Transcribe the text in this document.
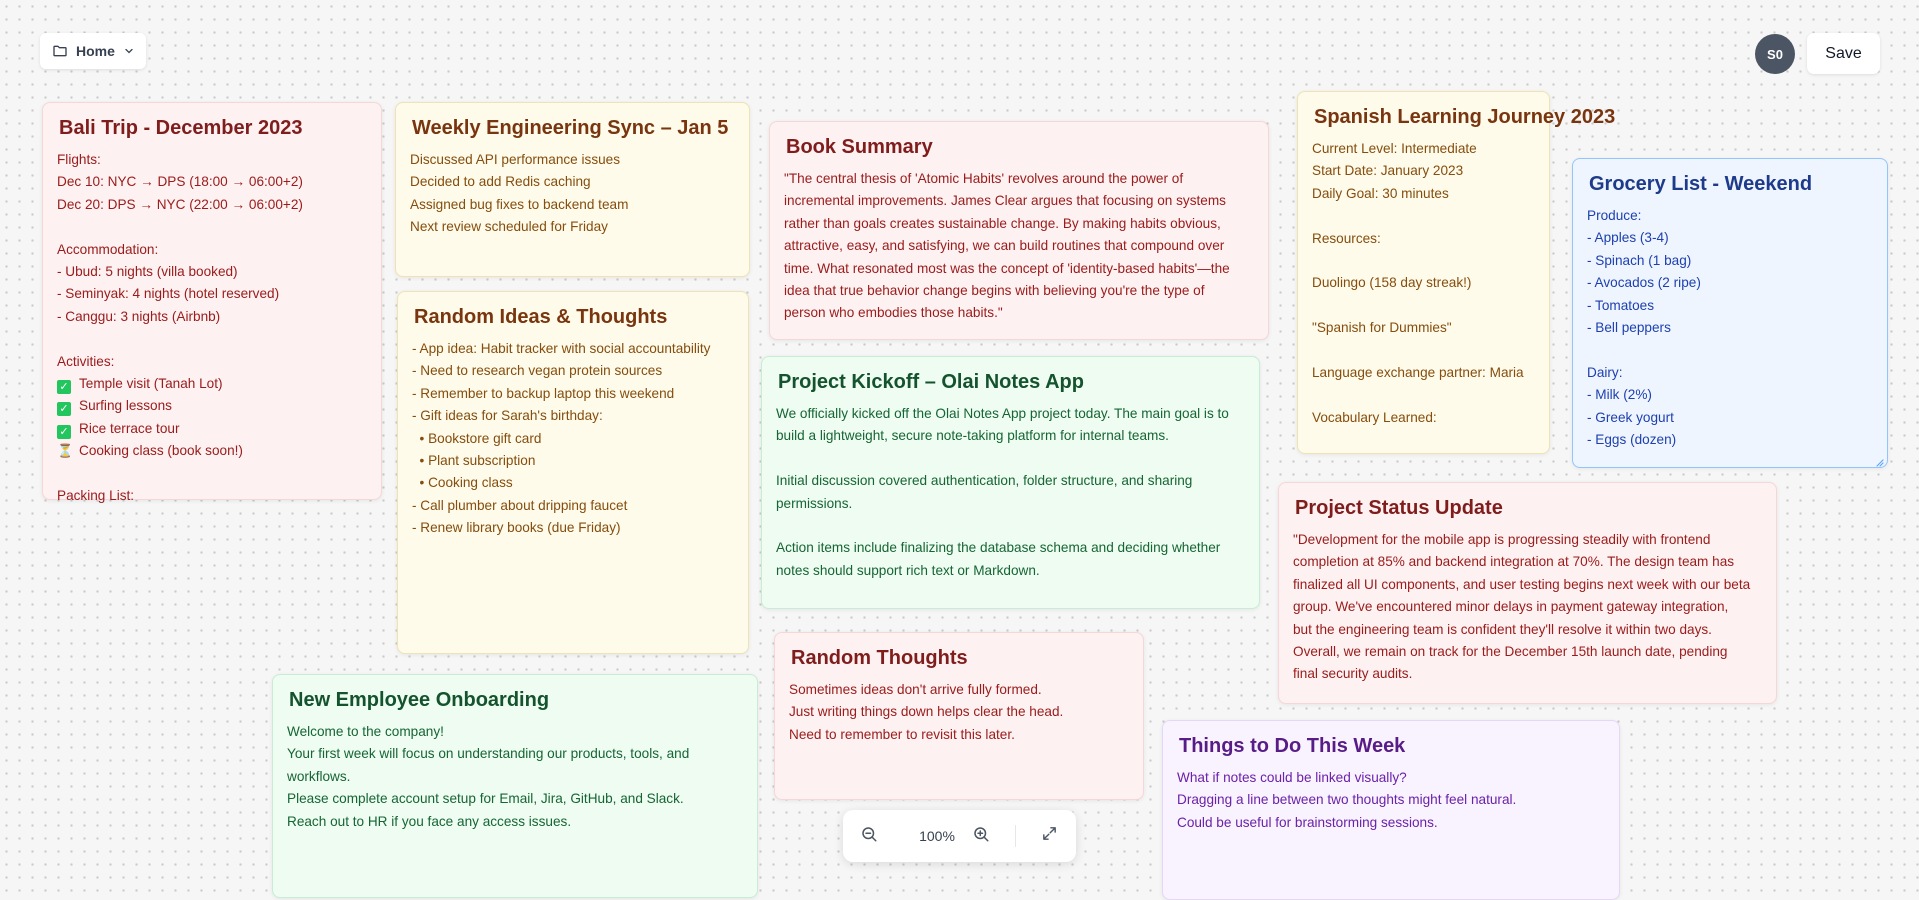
Home	S0	Save
Bali Trip - December 2023
Flights:
Dec 10: NYC → DPS (18:00 → 06:00+2)
Dec 20: DPS → NYC (22:00 → 06:00+2)
Accommodation:
- Ubud: 5 nights (villa booked)
- Seminyak: 4 nights (hotel reserved)
- Canggu: 3 nights (Airbnb)
Activities:
✓ Temple visit (Tanah Lot)
✓ Surfing lessons
✓ Rice terrace tour
⏳ Cooking class (book soon!)
Packing List:
Weekly Engineering Sync – Jan 5
Discussed API performance issues
Decided to add Redis caching
Assigned bug fixes to backend team
Next review scheduled for Friday
Random Ideas & Thoughts
- App idea: Habit tracker with social accountability
- Need to research vegan protein sources
- Remember to backup laptop this weekend
- Gift ideas for Sarah's birthday:
• Bookstore gift card
• Plant subscription
• Cooking class
- Call plumber about dripping faucet
- Renew library books (due Friday)
Book Summary
"The central thesis of 'Atomic Habits' revolves around the power of
incremental improvements. James Clear argues that focusing on systems
rather than goals creates sustainable change. By making habits obvious,
attractive, easy, and satisfying, we can build routines that compound over
time. What resonated most was the concept of 'identity-based habits'—the
idea that true behavior change begins with believing you're the type of
person who embodies those habits."
Project Kickoff – Olai Notes App
We officially kicked off the Olai Notes App project today. The main goal is to
build a lightweight, secure note-taking platform for internal teams.
Initial discussion covered authentication, folder structure, and sharing
permissions.
Action items include finalizing the database schema and deciding whether
notes should support rich text or Markdown.
Spanish Learning Journey 2023
Current Level: Intermediate
Start Date: January 2023
Daily Goal: 30 minutes
Resources:
Duolingo (158 day streak!)
"Spanish for Dummies"
Language exchange partner: Maria
Vocabulary Learned:
Grocery List - Weekend
Produce:
- Apples (3-4)
- Spinach (1 bag)
- Avocados (2 ripe)
- Tomatoes
- Bell peppers
Dairy:
- Milk (2%)
- Greek yogurt
- Eggs (dozen)
Project Status Update
"Development for the mobile app is progressing steadily with frontend
completion at 85% and backend integration at 70%. The design team has
finalized all UI components, and user testing begins next week with our beta
group. We've encountered minor delays in payment gateway integration,
but the engineering team is confident they'll resolve it within two days.
Overall, we remain on track for the December 15th launch date, pending
final security audits.
New Employee Onboarding
Welcome to the company!
Your first week will focus on understanding our products, tools, and
workflows.
Please complete account setup for Email, Jira, GitHub, and Slack.
Reach out to HR if you face any access issues.
Random Thoughts
Sometimes ideas don't arrive fully formed.
Just writing things down helps clear the head.
Need to remember to revisit this later.
Things to Do This Week
What if notes could be linked visually?
Dragging a line between two thoughts might feel natural.
Could be useful for brainstorming sessions.
100%
